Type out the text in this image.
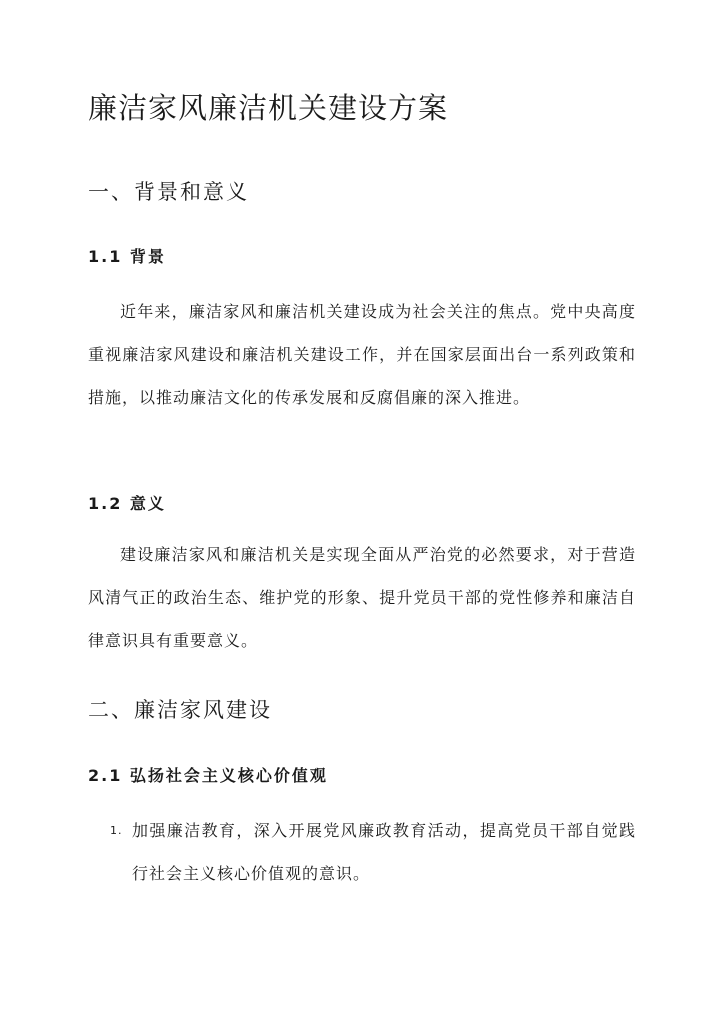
廉洁家风廉洁机关建设方案
一、背景和意义
1.1 背景

近年来，廉洁家风和廉洁机关建设成为社会关注的焦点。党中央高度重视廉洁家风建设和廉洁机关建设工作，并在国家层面出台一系列政策和措施，以推动廉洁文化的传承发展和反腐倡廉的深入推进。

1.2 意义

建设廉洁家风和廉洁机关是实现全面从严治党的必然要求，对于营造风清气正的政治生态、维护党的形象、提升党员干部的党性修养和廉洁自律意识具有重要意义。

二、廉洁家风建设
2.1 弘扬社会主义核心价值观
1. 加强廉洁教育，深入开展党风廉政教育活动，提高党员干部自觉践行社会主义核心价值观的意识。
